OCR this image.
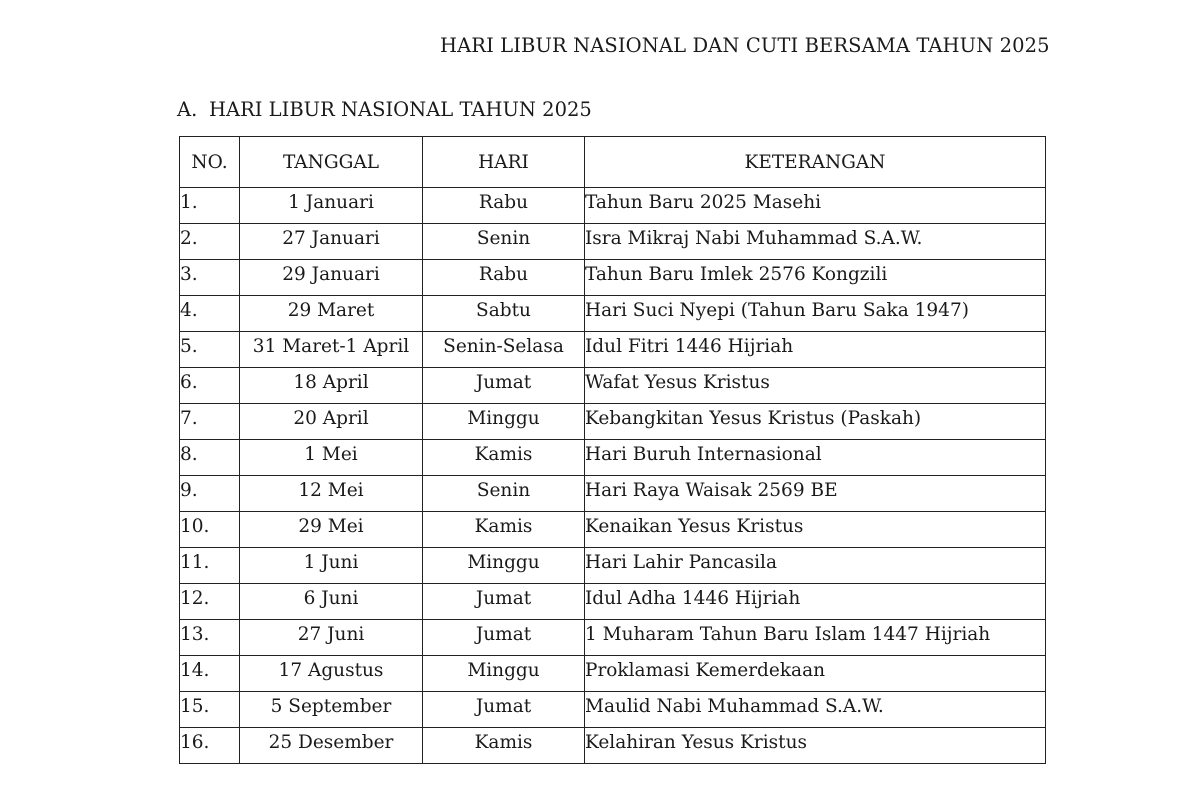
HARI LIBUR NASIONAL DAN CUTI BERSAMA TAHUN 2025
A. HARI LIBUR NASIONAL TAHUN 2025
NO.	TANGGAL	HARI	KETERANGAN
1.	1 Januari	Rabu	Tahun Baru 2025 Masehi
2.	27 Januari	Senin	Isra Mikraj Nabi Muhammad S.A.W.
3.	29 Januari	Rabu	Tahun Baru Imlek 2576 Kongzili
4.	29 Maret	Sabtu	Hari Suci Nyepi (Tahun Baru Saka 1947)
5.	31 Maret-1 April	Senin-Selasa	Idul Fitri 1446 Hijriah
6.	18 April	Jumat	Wafat Yesus Kristus
7.	20 April	Minggu	Kebangkitan Yesus Kristus (Paskah)
8.	1 Mei	Kamis	Hari Buruh Internasional
9.	12 Mei	Senin	Hari Raya Waisak 2569 BE
10.	29 Mei	Kamis	Kenaikan Yesus Kristus
11.	1 Juni	Minggu	Hari Lahir Pancasila
12.	6 Juni	Jumat	Idul Adha 1446 Hijriah
13.	27 Juni	Jumat	1 Muharam Tahun Baru Islam 1447 Hijriah
14.	17 Agustus	Minggu	Proklamasi Kemerdekaan
15.	5 September	Jumat	Maulid Nabi Muhammad S.A.W.
16.	25 Desember	Kamis	Kelahiran Yesus Kristus
